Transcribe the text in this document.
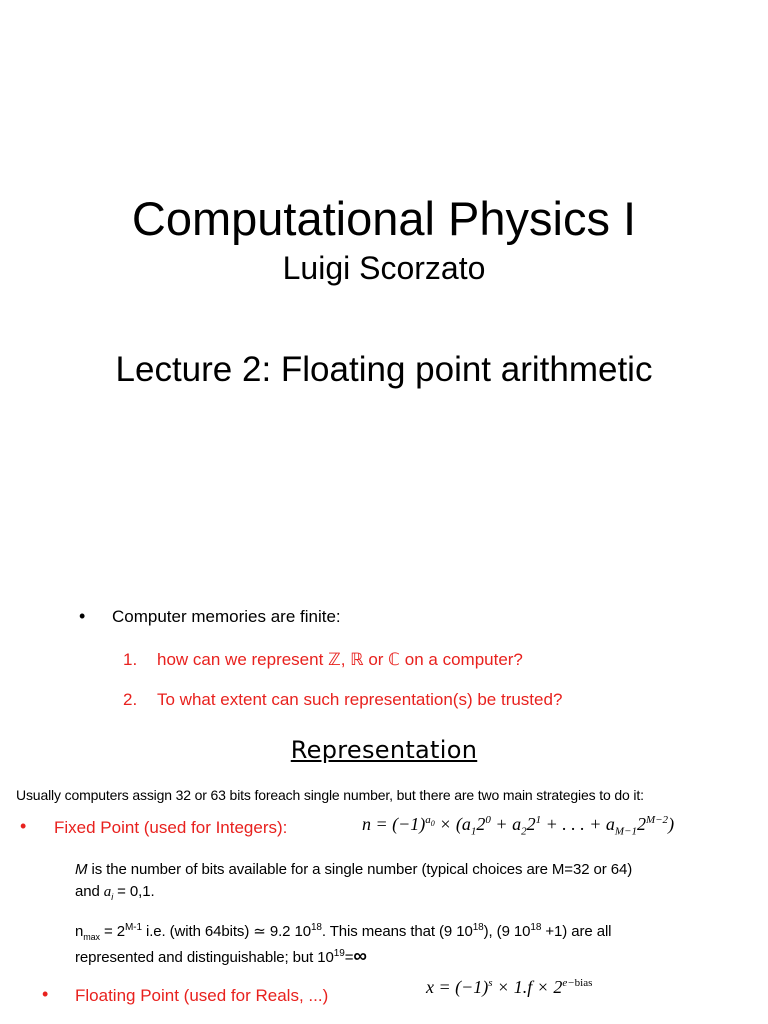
Computational Physics I
Luigi Scorzato
Lecture 2: Floating point arithmetic
• Computer memories are finite:
1. how can we represent ℤ, ℝ or ℂ on a computer?
2. To what extent can such representation(s) be trusted?
Representation
Usually computers assign 32 or 63 bits foreach single number, but there are two main strategies to do it:
• Fixed Point (used for Integers):	$n = (-1)^{a_0} \times (a_12^0 + a_22^1$ + . . . + $a_{M-1}2^{M-2}$)
M is the number of bits available for a single number (typical choices are M=32 or 64)
and $a_i = 0,1$.
$n_{max} = 2^{M-1}$ i.e. (with 64bits) ≃ 9.2 $10^{18}$. This means that (9 $10^{18}$), (9 $10^{18} +1$) are all
represented and distinguishable; but $10^{19}=\infty$
• Floating Point (used for Reals, ...)	$x = (-1)^s \times 1.f \times 2^{e-bias}$
